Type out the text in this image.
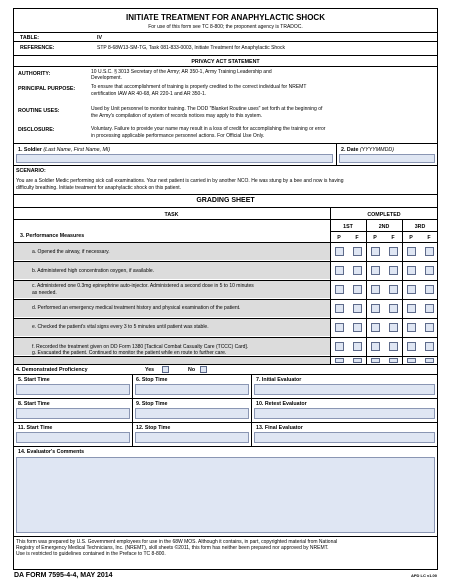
INITIATE TREATMENT FOR ANAPHYLACTIC SHOCK
For use of this form see TC 8-800; the proponent agency is TRADOC.
TABLE:	IV
REFERENCE:	STP 8-68W13-SM-TG, Task 081-833-0003, Initiate Treatment for Anaphylactic Shock
PRIVACY ACT STATEMENT
AUTHORITY:	10 U.S.C. § 3013 Secretary of the Army; AR 350-1, Army Training Leadership and
Development.
PRINCIPAL PURPOSE:	To ensure that accomplishment of training is properly credited to the correct individual for NREMT
certification IAW AR 40-68, AR 220-1 and AR 350-1.
ROUTINE USES:	Used by Unit personnel to monitor training. The DOD "Blanket Routine uses" set forth at the beginning of
the Army's compilation of system of records notices may apply to this system.
DISCLOSURE:	Voluntary. Failure to provide your name may result in a loss of credit for accomplishing the training or error
in processing applicable performance personnel actions. For Official Use Only.
1. Soldier (Last Name, First Name, MI)	2. Date (YYYYMMDD)
SCENARIO:
You are a Soldier Medic performing sick call examinations. Your next patient is carried in by another NCO. He was stung by a bee and now is having
difficulty breathing. Initiate treatment for anaphylactic shock on this patient.
GRADING SHEET
TASK	COMPLETED
1ST	2ND	3RD
P	F	P	F	P	F
3. Performance Measures
a. Opened the airway, if necessary.
b. Administered high concentration oxygen, if available.
c. Administered one 0.3mg epinephrine auto-injector. Administered a second dose in 5 to 10 minutes
as needed.
d. Performed an emergency medical treatment history and physical examination of the patient.
e. Checked the patient's vital signs every 3 to 5 minutes until patient was stable.
f. Recorded the treatment given on DD Form 1380 [Tactical Combat Casualty Care (TCCC) Card].
g. Evacuated the patient. Continued to monitor the patient while en route to further care.
4. Demonstrated Proficiency	Yes	No
5. Start Time	6. Stop Time	7. Initial Evaluator
8. Start Time	9. Stop Time	10. Retest Evaluator
11. Start Time	12. Stop Time	13. Final Evaluator
14. Evaluator's Comments
This form was prepared by U.S. Government employees for use in the 68W MOS. Although it contains, in part, copyrighted material from National
Registry of Emergency Medical Technicians, Inc. (NREMT), skill sheets ©2011, this form has neither been prepared nor approved by NREMT.
Use is restricted to guidelines contained in the Preface to TC 8-800.
DA FORM 7595-4-4, MAY 2014	APD LC v1.00
